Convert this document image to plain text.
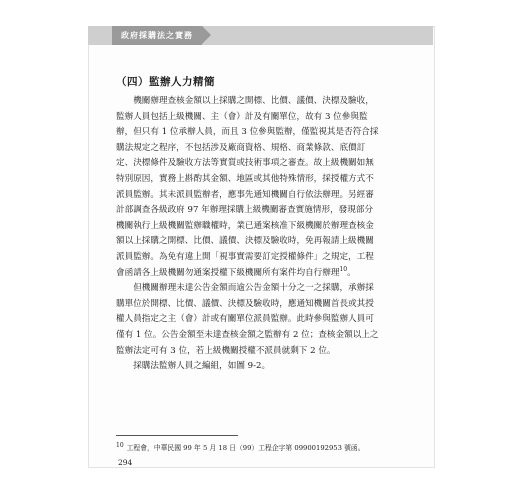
政府採購法之實務
（四）監辦人力精簡

機關辦理查核金額以上採購之開標、比價、議價、決標及驗收，
監辦人員包括上級機關、主（會）計及有關單位，故有 3 位參與監
辦，但只有 1 位承辦人員，而且 3 位參與監辦，僅監視其是否符合採
購法規定之程序，不包括涉及廠商資格、規格、商業條款、底價訂
定、決標條件及驗收方法等實質或技術事項之審查。故上級機關如無
特別原因，實務上斟酌其金額、地區或其他特殊情形，採授權方式不
派員監辦。其未派員監辦者，應事先通知機關自行依法辦理。另經審
計部調查各級政府 97 年辦理採購上級機關審查實施情形，發現部分
機關執行上級機關監辦職權時，業已通案核准下級機關於辦理查核金
額以上採購之開標、比價、議價、決標及驗收時，免再報請上級機關
派員監辦。為免有違上開「視事實需要訂定授權條件」之規定，工程
會函請各上級機關勿通案授權下級機關所有案件均自行辦理$^{10}$。

但機關辦理未達公告金額而逾公告金額十分之一之採購，承辦採
購單位於開標、比價、議價、決標及驗收時，應通知機關首長或其授
權人員指定之主（會）計或有關單位派員監辦。此時參與監辦人員可
僅有 1 位。公告金額至未達查核金額之監辦有 2 位；查核金額以上之
監辦法定可有 3 位，若上級機關授權不派員就剩下 2 位。

採購法監辦人員之編組，如圖 9-2。

10 工程會，中華民國 99 年 5 月 18 日（99）工程企字第 09900192953 號函。
294
